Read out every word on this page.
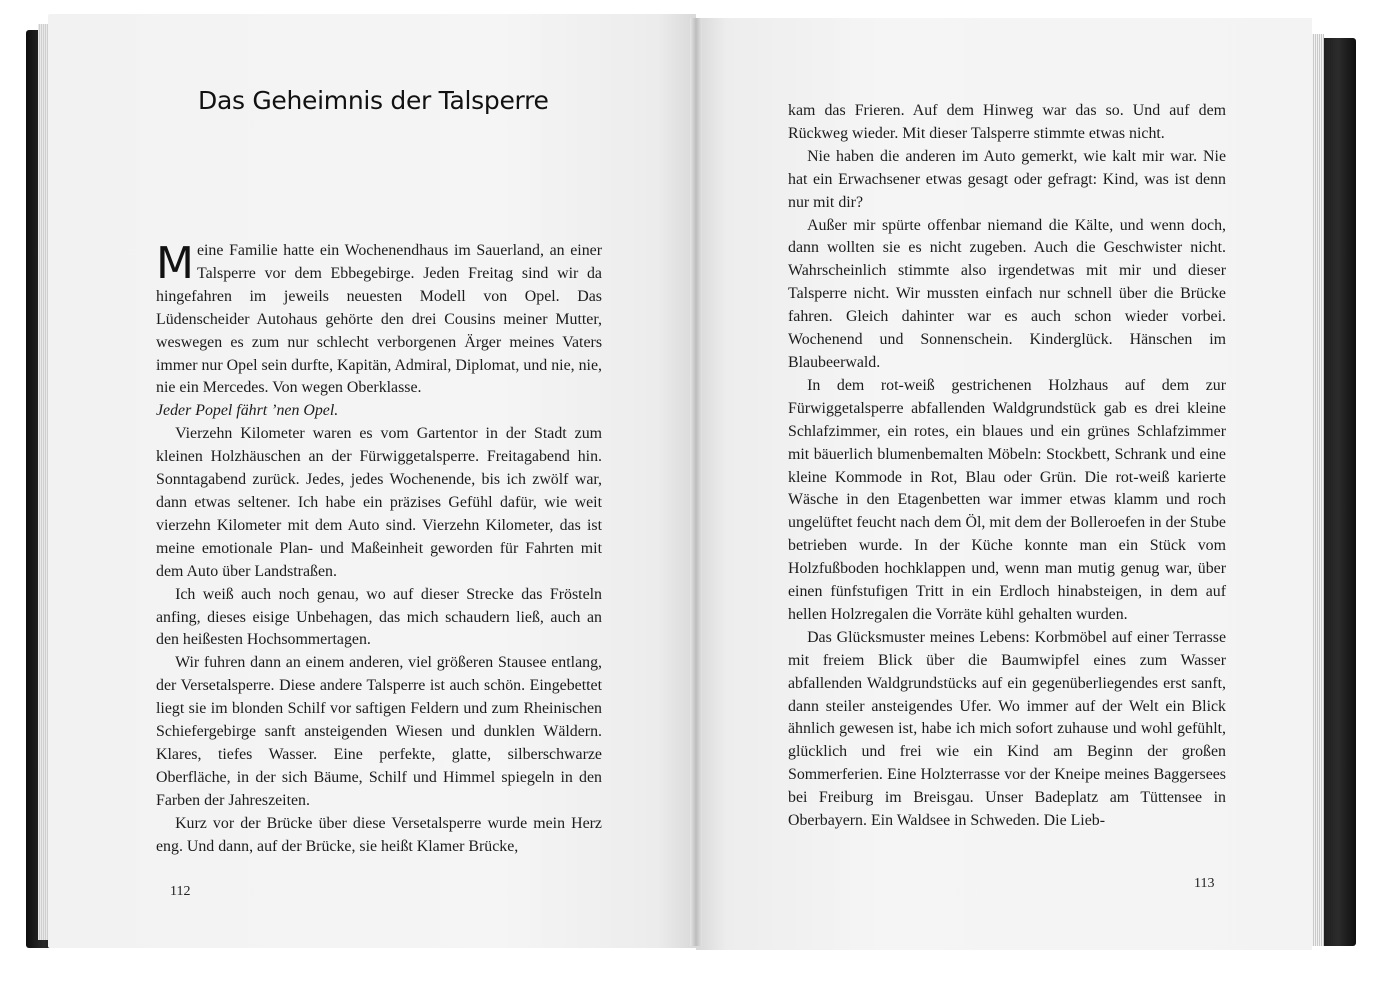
Das Geheimnis der Talsperre

Meine Familie hatte ein Wochenendhaus im Sauerland, an einer Talsperre vor dem Ebbegebirge. Jeden Freitag sind wir da hingefahren im jeweils neuesten Modell von Opel. Das Lüdenscheider Autohaus gehörte den drei Cousins meiner Mutter, weswegen es zum nur schlecht verborgenen Ärger meines Vaters immer nur Opel sein durfte, Kapitän, Admiral, Diplomat, und nie, nie, nie ein Mercedes. Von wegen Oberklasse.
Jeder Popel fährt ’nen Opel.

Vierzehn Kilometer waren es vom Gartentor in der Stadt zum kleinen Holzhäuschen an der Fürwiggetalsperre. Freitagabend hin. Sonntagabend zurück. Jedes, jedes Wochenende, bis ich zwölf war, dann etwas seltener. Ich habe ein präzises Gefühl dafür, wie weit vierzehn Kilometer mit dem Auto sind. Vierzehn Kilometer, das ist meine emotionale Plan- und Maßeinheit geworden für Fahrten mit dem Auto über Landstraßen.

Ich weiß auch noch genau, wo auf dieser Strecke das Frösteln anfing, dieses eisige Unbehagen, das mich schaudern ließ, auch an den heißesten Hochsommertagen.

Wir fuhren dann an einem anderen, viel größeren Stausee entlang, der Versetalsperre. Diese andere Talsperre ist auch schön. Eingebettet liegt sie im blonden Schilf vor saftigen Feldern und zum Rheinischen Schiefergebirge sanft ansteigenden Wiesen und dunklen Wäldern. Klares, tiefes Wasser. Eine perfekte, glatte, silberschwarze Oberfläche, in der sich Bäume, Schilf und Himmel spiegeln in den Farben der Jahreszeiten.

Kurz vor der Brücke über diese Versetalsperre wurde mein Herz eng. Und dann, auf der Brücke, sie heißt Klamer Brücke,

kam das Frieren. Auf dem Hinweg war das so. Und auf dem Rückweg wieder. Mit dieser Talsperre stimmte etwas nicht.

Nie haben die anderen im Auto gemerkt, wie kalt mir war. Nie hat ein Erwachsener etwas gesagt oder gefragt: Kind, was ist denn nur mit dir?

Außer mir spürte offenbar niemand die Kälte, und wenn doch, dann wollten sie es nicht zugeben. Auch die Geschwister nicht. Wahrscheinlich stimmte also irgendetwas mit mir und dieser Talsperre nicht. Wir mussten einfach nur schnell über die Brücke fahren. Gleich dahinter war es auch schon wieder vorbei. Wochenend und Sonnenschein. Kinderglück. Hänschen im Blaubeerwald.

In dem rot-weiß gestrichenen Holzhaus auf dem zur Fürwiggetalsperre abfallenden Waldgrundstück gab es drei kleine Schlafzimmer, ein rotes, ein blaues und ein grünes Schlafzimmer mit bäuerlich blumenbemalten Möbeln: Stockbett, Schrank und eine kleine Kommode in Rot, Blau oder Grün. Die rot-weiß karierte Wäsche in den Etagenbetten war immer etwas klamm und roch ungelüftet feucht nach dem Öl, mit dem der Bolleroefen in der Stube betrieben wurde. In der Küche konnte man ein Stück vom Holzfußboden hochklappen und, wenn man mutig genug war, über einen fünfstufigen Tritt in ein Erdloch hinabsteigen, in dem auf hellen Holzregalen die Vorräte kühl gehalten wurden.

Das Glücksmuster meines Lebens: Korbmöbel auf einer Terrasse mit freiem Blick über die Baumwipfel eines zum Wasser abfallenden Waldgrundstücks auf ein gegenüberliegendes erst sanft, dann steiler ansteigendes Ufer. Wo immer auf der Welt ein Blick ähnlich gewesen ist, habe ich mich sofort zuhause und wohl gefühlt, glücklich und frei wie ein Kind am Beginn der großen Sommerferien. Eine Holzterrasse vor der Kneipe meines Baggersees bei Freiburg im Breisgau. Unser Badeplatz am Tüttensee in Oberbayern. Ein Waldsee in Schweden. Die Lieb-

112
113
